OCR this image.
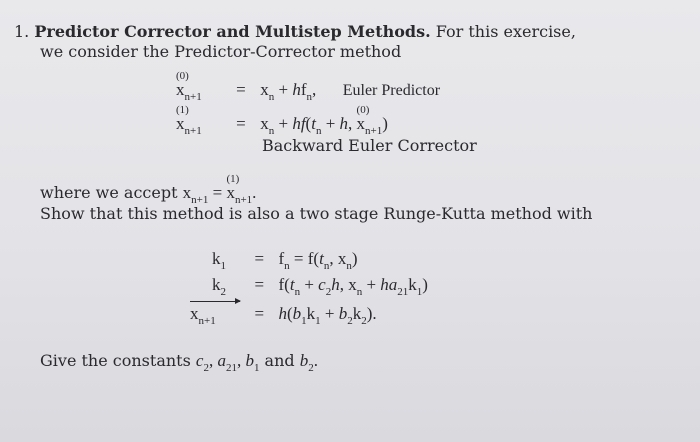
1. Predictor Corrector and Multistep Methods. For this exercise,
we consider the Predictor-Corrector method
x
(0)
$_{n+1} = x_n + hf_n$, Euler Predictor
x
(1)
$_{n+1} = x_n + hf(t_n + h$, x
(0)
$_{n+1}$)
Backward Euler Corrector
where we accept $x_{n+1} = x$
(1)
$_{n+1}$.
Show that this method is also a two stage Runge-Kutta method with
$k_1 = f_n = f(t_n$, $x_n$)
$k_2 = f(t_n + c_2h$, $x_n + ha_{21}k_1$)
$x_{n+1} = h(b_1k_1 + b_2k_2)$.
Give the constants $c_2$, $a_{21}$, $b_1$ and $b_2$.
